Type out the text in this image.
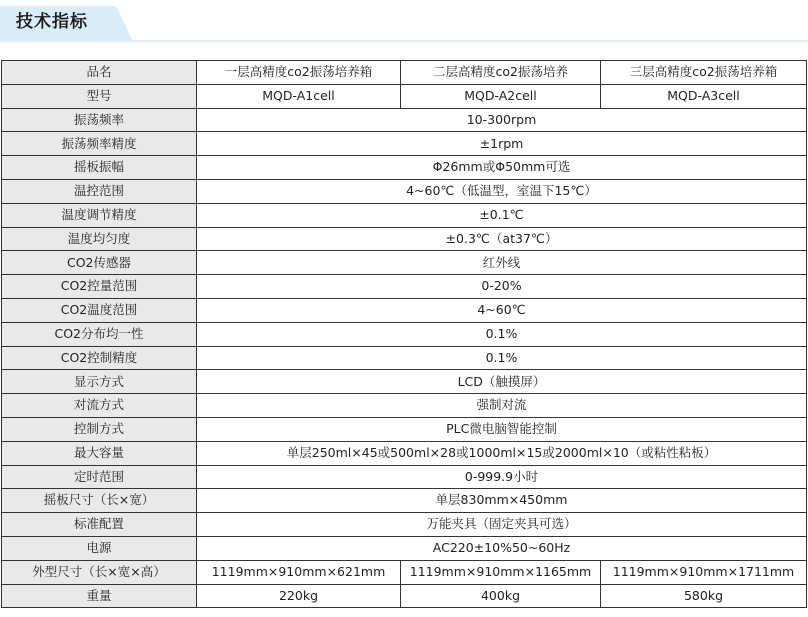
技术指标
品名	一层高精度co2振荡培养箱	二层高精度co2振荡培养	三层高精度co2振荡培养箱
型号	MQD-A1cell	MQD-A2cell	MQD-A3cell
振荡频率	10-300rpm		
振荡频率精度	±1rpm		
摇板振幅	Φ26mm或Φ50mm可选		
温控范围	4~60℃（低温型，室温下15℃）		
温度调节精度	±0.1℃		
温度均匀度	±0.3℃（at37℃）		
CO2传感器	红外线		
CO2控量范围	0-20%		
CO2温度范围	4~60℃		
CO2分布均一性	0.1%		
CO2控制精度	0.1%		
显示方式	LCD（触摸屏）		
对流方式	强制对流		
控制方式	PLC微电脑智能控制		
最大容量	单层250ml×45或500ml×28或1000ml×15或2000ml×10（或粘性粘板）		
定时范围	0-999.9小时		
摇板尺寸（长×宽）	单层830mm×450mm		
标准配置	万能夹具（固定夹具可选）		
电源	AC220±10%50~60Hz		
外型尺寸（长×宽×高）	1119mm×910mm×621mm	1119mm×910mm×1165mm	1119mm×910mm×1711mm
重量	220kg	400kg	580kg
